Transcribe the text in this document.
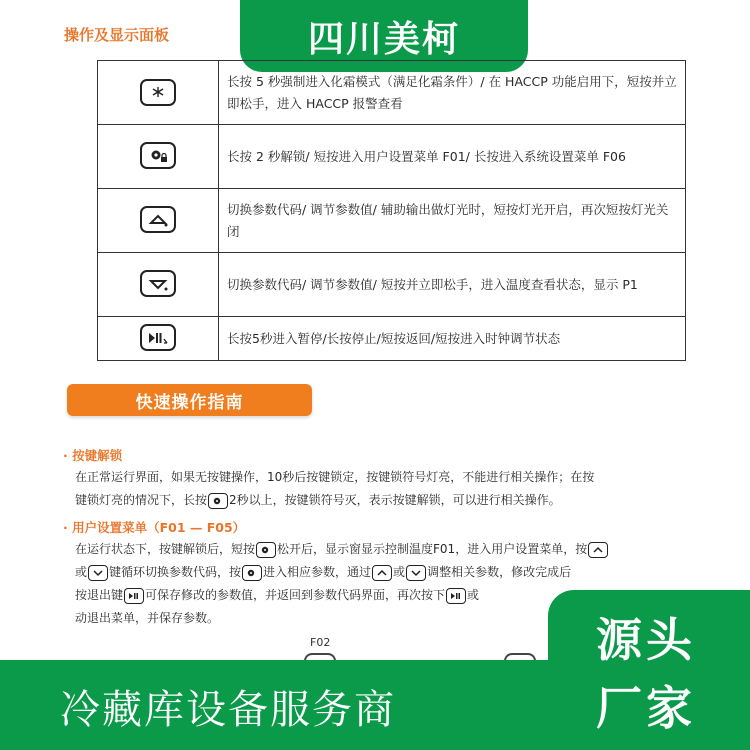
操作及显示面板	四川美柯
	长按 5 秒强制进入化霜模式（满足化霜条件）/ 在 HACCP 功能启用下，短按并立即松手，进入 HACCP 报警查看

	长按 2 秒解锁/ 短按进入用户设置菜单 F01/ 长按进入系统设置菜单 F06

	切换参数代码/ 调节参数值/ 辅助输出做灯光时，短按灯光开启，再次短按灯光关闭

	切换参数代码/ 调节参数值/ 短按并立即松手，进入温度查看状态，显示 P1

	长按5秒进入暂停/长按停止/短按返回/短按进入时钟调节状态
快速操作指南
· 按键解锁
在正常运行界面，如果无按键操作，10秒后按键锁定，按键锁符号灯亮，不能进行相关操作；在按
键锁灯亮的情况下，长按 2秒以上，按键锁符号灭，表示按键解锁，可以进行相关操作。
· 用户设置菜单（F01 — F05）
在运行状态下，按键解锁后，短按 松开后，显示窗显示控制温度F01，进入用户设置菜单，按
或 键循环切换参数代码，按 进入相应参数，通过 或 调整相关参数，修改完成后
按退出键 可保存修改的参数值，并返回到参数代码界面，再次按下 或
动退出菜单，并保存参数。
F02
冷藏库设备服务商
源头
厂家
